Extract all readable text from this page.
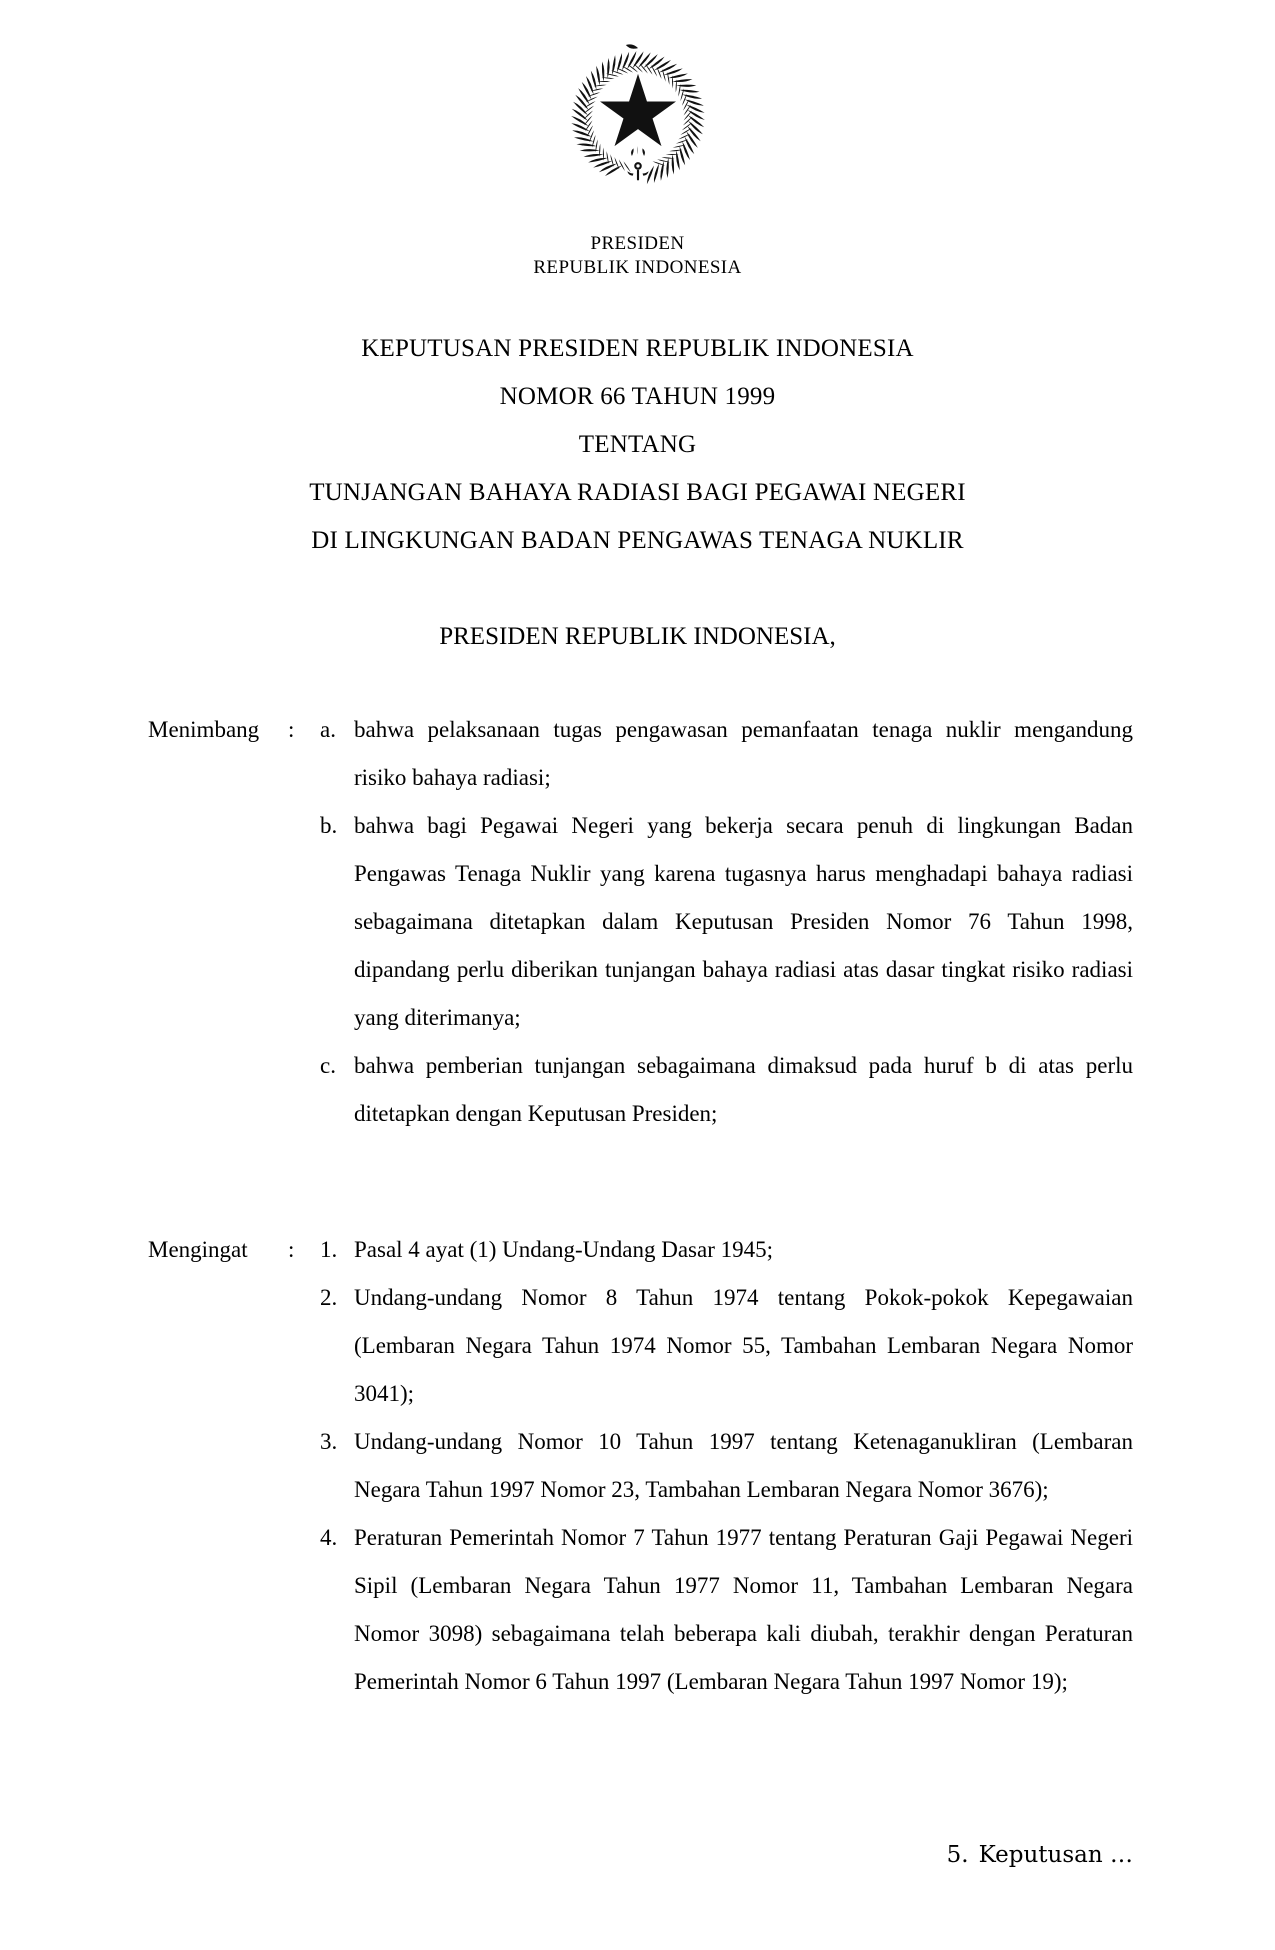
PRESIDEN
REPUBLIK INDONESIA
KEPUTUSAN PRESIDEN REPUBLIK INDONESIA
NOMOR 66 TAHUN 1999
TENTANG
TUNJANGAN BAHAYA RADIASI BAGI PEGAWAI NEGERI
DI LINGKUNGAN BADAN PENGAWAS TENAGA NUKLIR
PRESIDEN REPUBLIK INDONESIA,
Menimbang	:	a. bahwa pelaksanaan tugas pengawasan pemanfaatan tenaga nuklir mengandung risiko bahaya radiasi;
b. bahwa bagi Pegawai Negeri yang bekerja secara penuh di lingkungan Badan Pengawas Tenaga Nuklir yang karena tugasnya harus menghadapi bahaya radiasi sebagaimana ditetapkan dalam Keputusan Presiden Nomor 76 Tahun 1998, dipandang perlu diberikan tunjangan bahaya radiasi atas dasar tingkat risiko radiasi yang diterimanya;
c. bahwa pemberian tunjangan sebagaimana dimaksud pada huruf b di atas perlu ditetapkan dengan Keputusan Presiden;
Mengingat	:	1. Pasal 4 ayat (1) Undang-Undang Dasar 1945;
2. Undang-undang Nomor 8 Tahun 1974 tentang Pokok-pokok Kepegawaian (Lembaran Negara Tahun 1974 Nomor 55, Tambahan Lembaran Negara Nomor 3041);
3. Undang-undang Nomor 10 Tahun 1997 tentang Ketenaganukliran (Lembaran Negara Tahun 1997 Nomor 23, Tambahan Lembaran Negara Nomor 3676);
4. Peraturan Pemerintah Nomor 7 Tahun 1977 tentang Peraturan Gaji Pegawai Negeri Sipil (Lembaran Negara Tahun 1977 Nomor 11, Tambahan Lembaran Negara Nomor 3098) sebagaimana telah beberapa kali diubah, terakhir dengan Peraturan Pemerintah Nomor 6 Tahun 1997 (Lembaran Negara Tahun 1997 Nomor 19);
5. Keputusan …
